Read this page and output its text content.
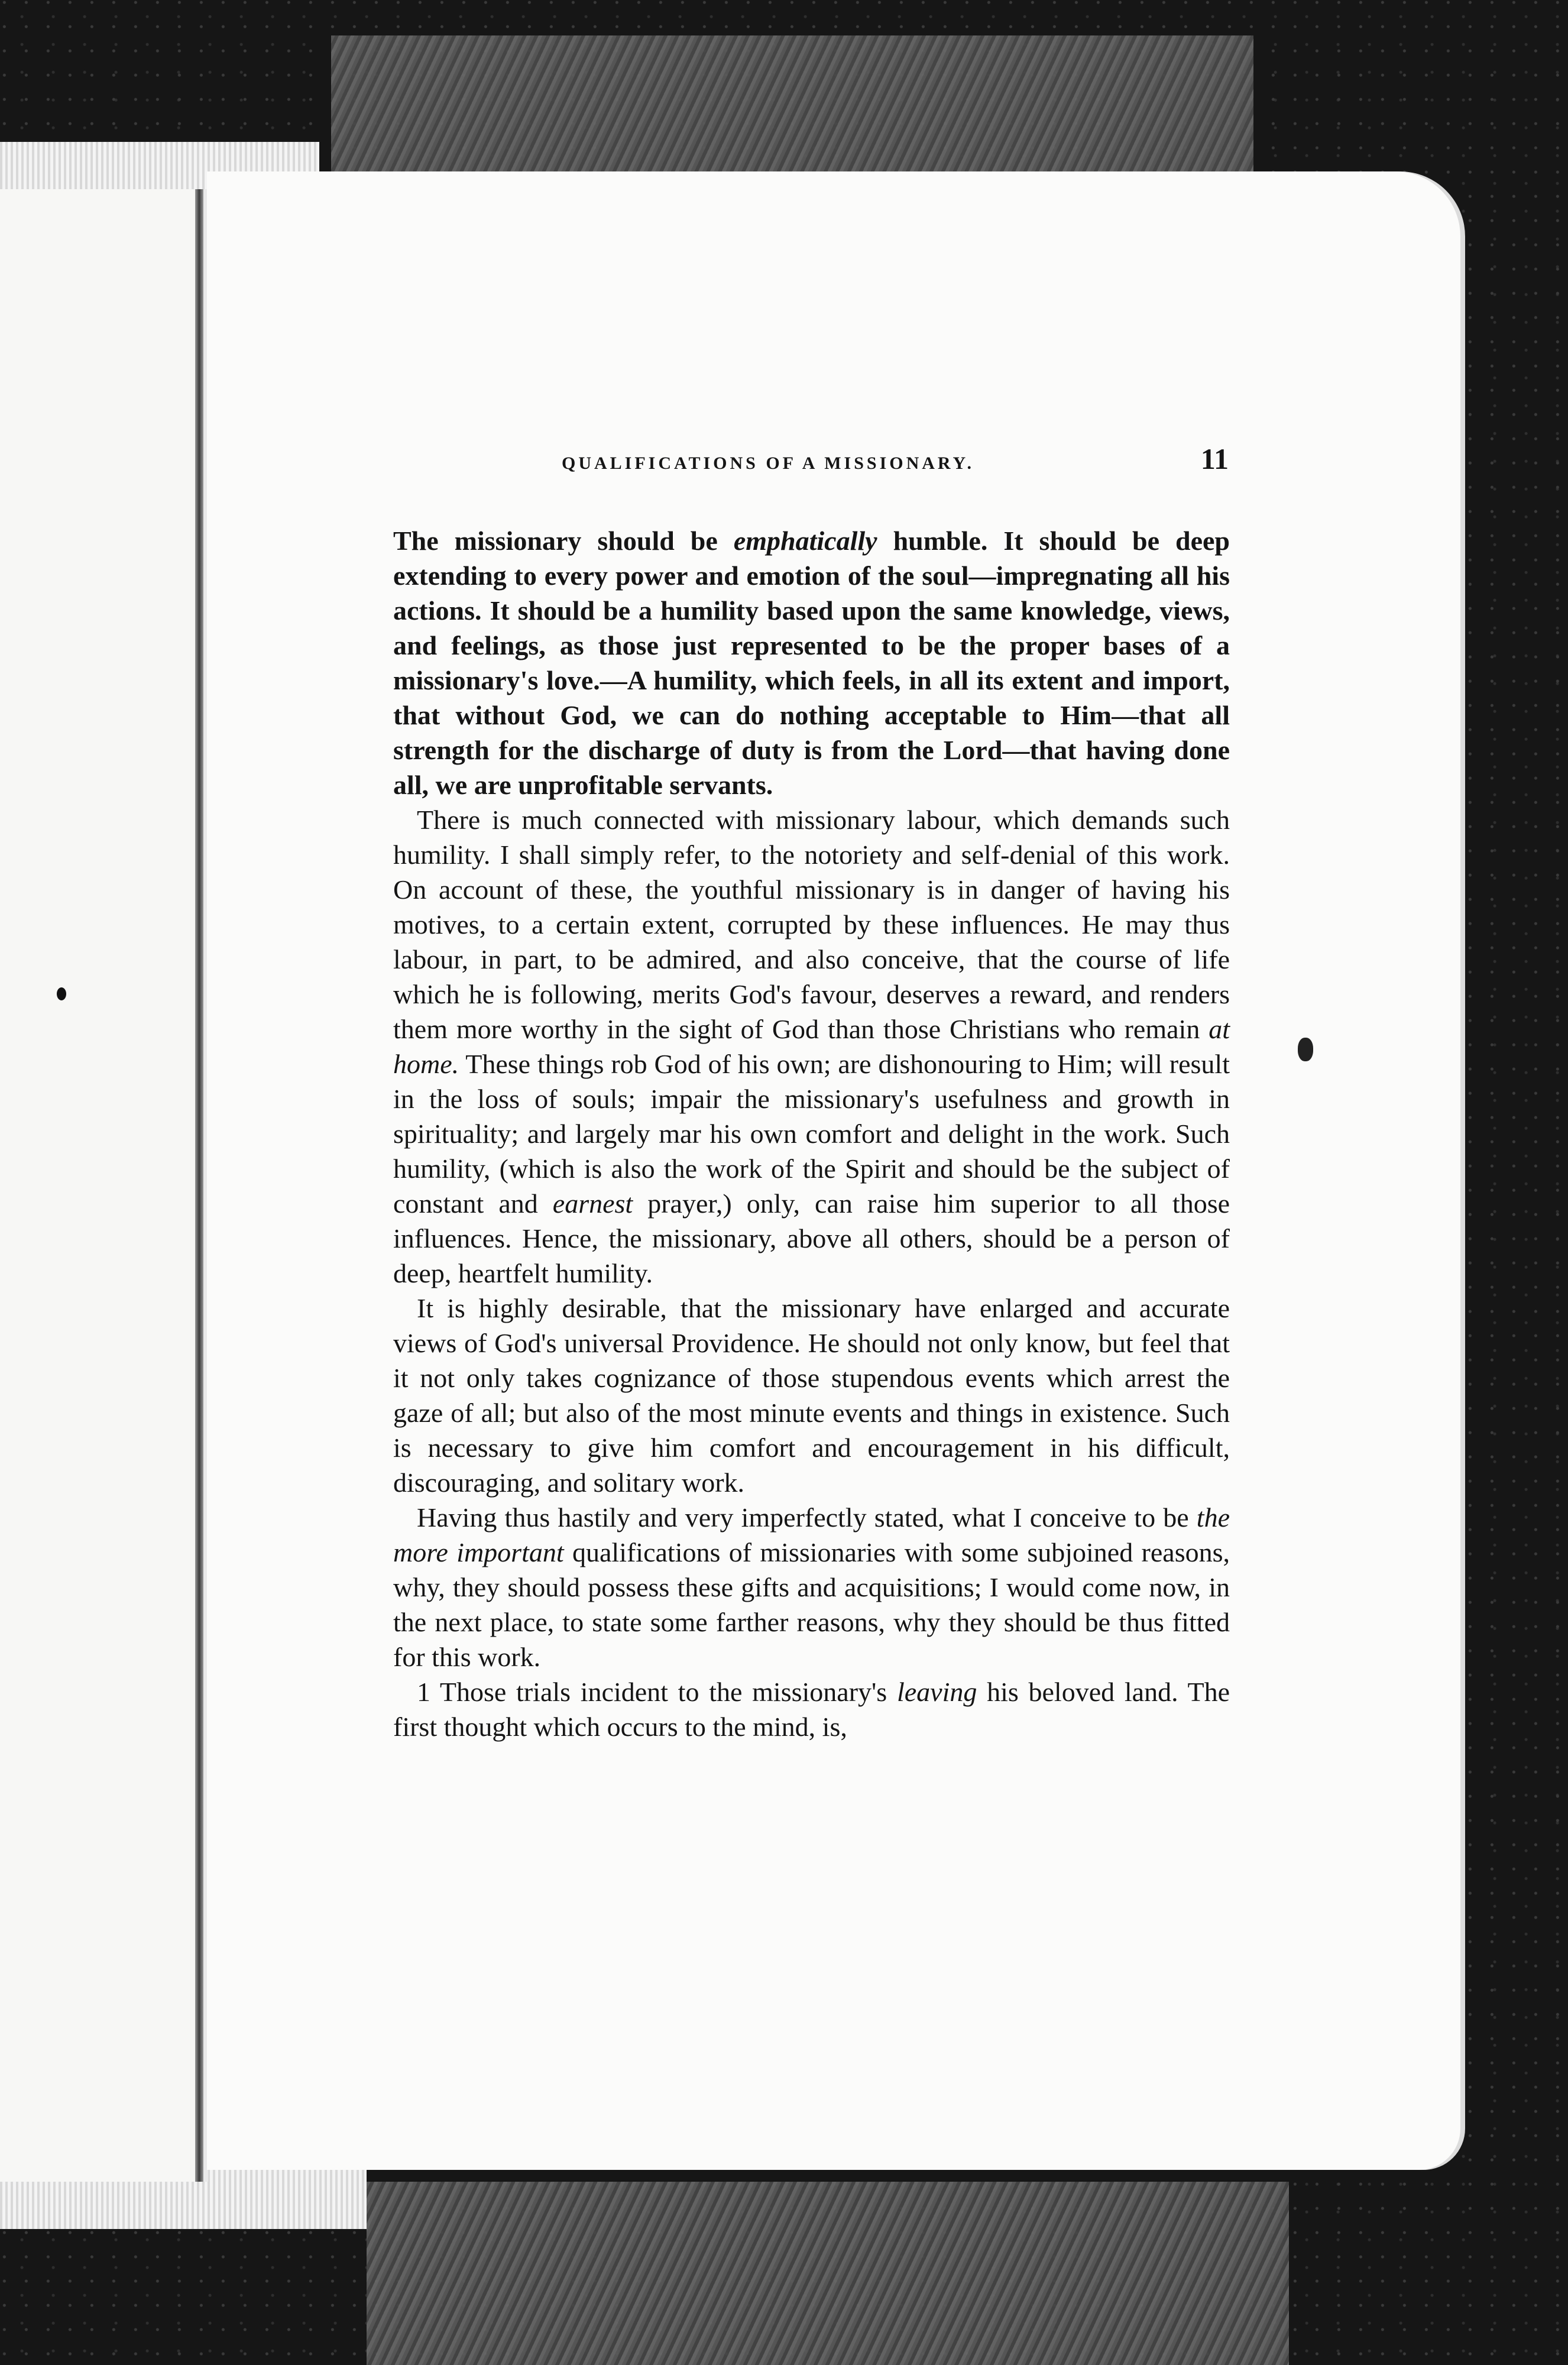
QUALIFICATIONS OF A MISSIONARY.	11

The missionary should be emphatically humble. It should be deep extending to every power and emotion of the soul—impregnating all his actions. It should be a humility based upon the same knowledge, views, and feelings, as those just represented to be the proper bases of a missionary's love.—A humility, which feels, in all its extent and import, that without God, we can do nothing acceptable to Him—that all strength for the discharge of duty is from the Lord—that having done all, we are unprofitable servants.

There is much connected with missionary labour, which demands such humility. I shall simply refer, to the notoriety and self-denial of this work. On account of these, the youthful missionary is in danger of having his motives, to a certain extent, corrupted by these influences. He may thus labour, in part, to be admired, and also conceive, that the course of life which he is following, merits God's favour, deserves a reward, and renders them more worthy in the sight of God than those Christians who remain at home. These things rob God of his own; are dishonouring to Him; will result in the loss of souls; impair the missionary's usefulness and growth in spirituality; and largely mar his own comfort and delight in the work. Such humility, (which is also the work of the Spirit and should be the subject of constant and earnest prayer,) only, can raise him superior to all those influences. Hence, the missionary, above all others, should be a person of deep, heartfelt humility.

It is highly desirable, that the missionary have enlarged and accurate views of God's universal Providence. He should not only know, but feel that it not only takes cognizance of those stupendous events which arrest the gaze of all; but also of the most minute events and things in existence. Such is necessary to give him comfort and encouragement in his difficult, discouraging, and solitary work.

Having thus hastily and very imperfectly stated, what I conceive to be the more important qualifications of missionaries with some subjoined reasons, why, they should possess these gifts and acquisitions; I would come now, in the next place, to state some farther reasons, why they should be thus fitted for this work.

1 Those trials incident to the missionary's leaving his beloved land. The first thought which occurs to the mind, is,
